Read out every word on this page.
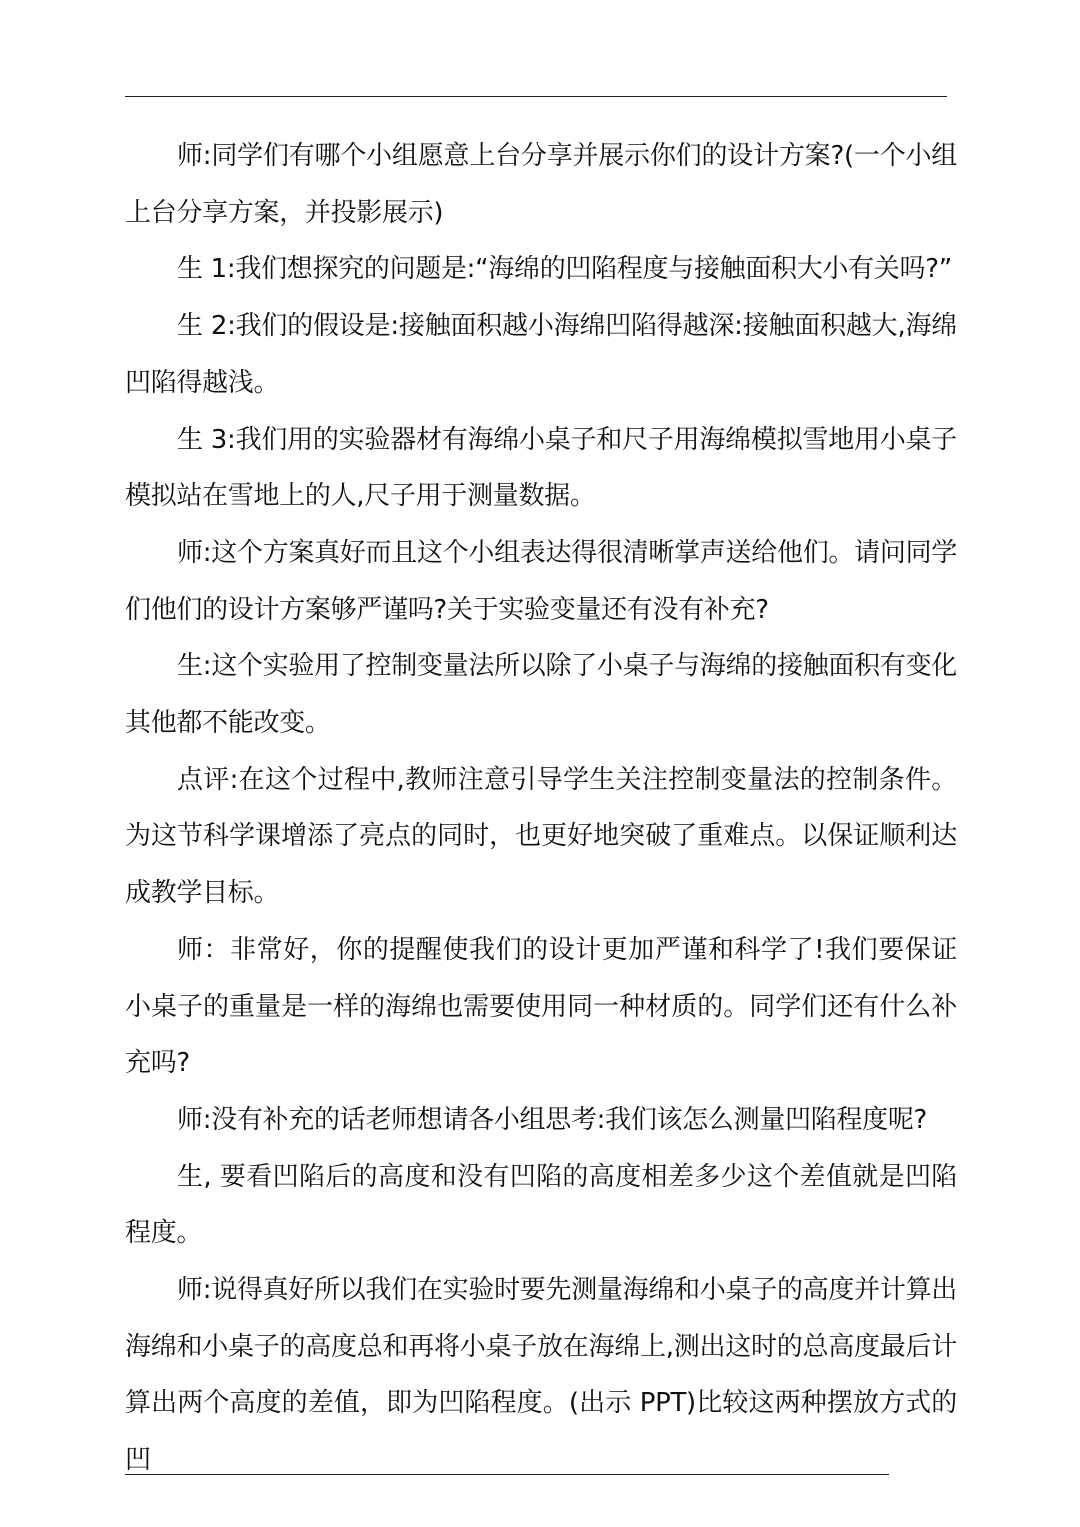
师:同学们有哪个小组愿意上台分享并展示你们的设计方案?(一个小组上台分享方案，并投影展示)

生 1:我们想探究的问题是:“海绵的凹陷程度与接触面积大小有关吗?”

生 2:我们的假设是:接触面积越小海绵凹陷得越深:接触面积越大,海绵凹陷得越浅。

生 3:我们用的实验器材有海绵小桌子和尺子用海绵模拟雪地用小桌子模拟站在雪地上的人,尺子用于测量数据。

师:这个方案真好而且这个小组表达得很清晰掌声送给他们。请问同学们他们的设计方案够严谨吗?关于实验变量还有没有补充?

生:这个实验用了控制变量法所以除了小桌子与海绵的接触面积有变化其他都不能改变。

点评:在这个过程中,教师注意引导学生关注控制变量法的控制条件。为这节科学课增添了亮点的同时，也更好地突破了重难点。以保证顺利达成教学目标。

师：非常好，你的提醒使我们的设计更加严谨和科学了!我们要保证小桌子的重量是一样的海绵也需要使用同一种材质的。同学们还有什么补充吗?

师:没有补充的话老师想请各小组思考:我们该怎么测量凹陷程度呢?

生, 要看凹陷后的高度和没有凹陷的高度相差多少这个差值就是凹陷程度。

师:说得真好所以我们在实验时要先测量海绵和小桌子的高度并计算出海绵和小桌子的高度总和再将小桌子放在海绵上,测出这时的总高度最后计算出两个高度的差值，即为凹陷程度。(出示 PPT)比较这两种摆放方式的凹
